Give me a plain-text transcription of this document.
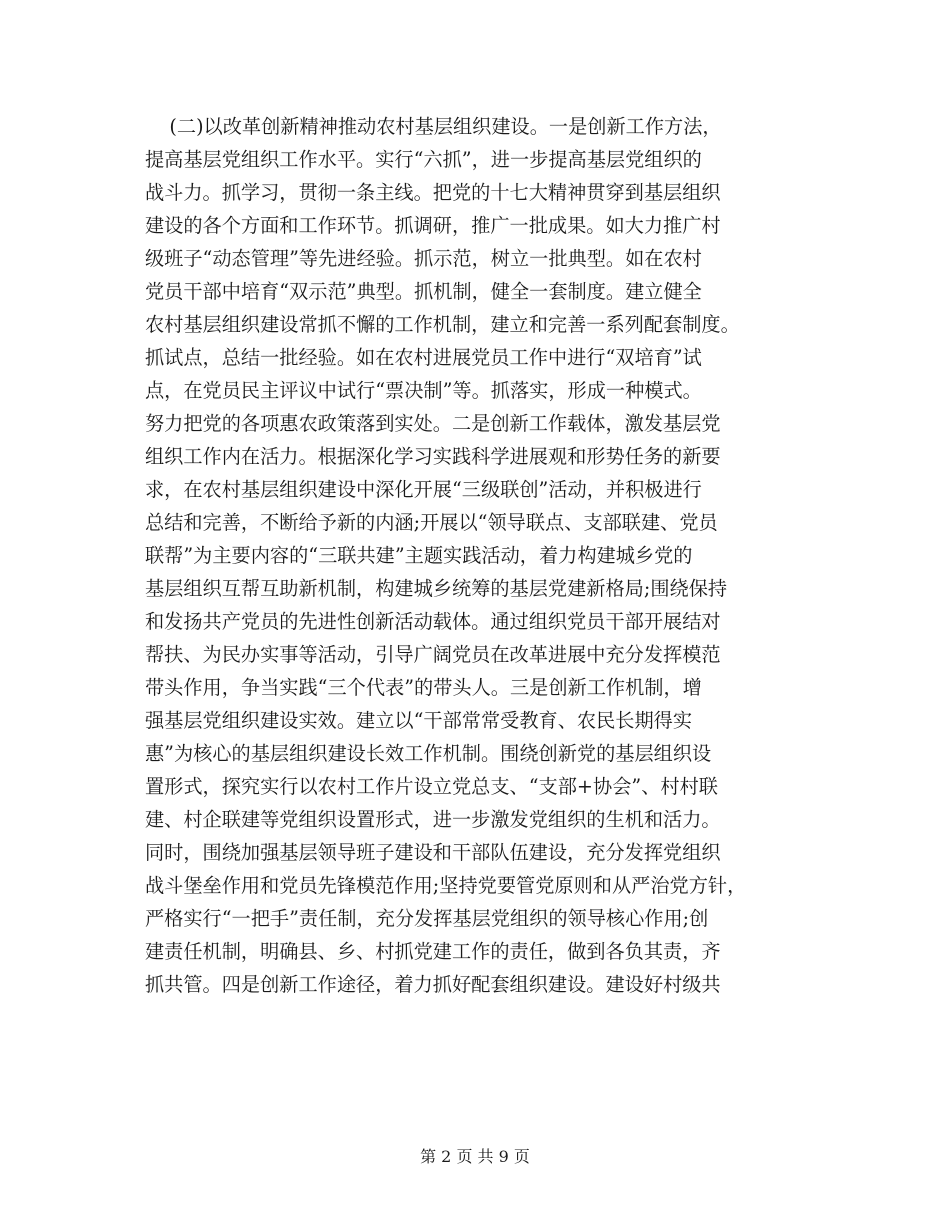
(二)以改革创新精神推动农村基层组织建设。一是创新工作方法，
提高基层党组织工作水平。实行“六抓”，进一步提高基层党组织的
战斗力。抓学习，贯彻一条主线。把党的十七大精神贯穿到基层组织
建设的各个方面和工作环节。抓调研，推广一批成果。如大力推广村
级班子“动态管理”等先进经验。抓示范，树立一批典型。如在农村
党员干部中培育“双示范”典型。抓机制，健全一套制度。建立健全
农村基层组织建设常抓不懈的工作机制，建立和完善一系列配套制度。
抓试点，总结一批经验。如在农村进展党员工作中进行“双培育”试
点，在党员民主评议中试行“票决制”等。抓落实，形成一种模式。
努力把党的各项惠农政策落到实处。二是创新工作载体，激发基层党
组织工作内在活力。根据深化学习实践科学进展观和形势任务的新要
求，在农村基层组织建设中深化开展“三级联创”活动，并积极进行
总结和完善，不断给予新的内涵;开展以“领导联点、支部联建、党员
联帮”为主要内容的“三联共建”主题实践活动，着力构建城乡党的
基层组织互帮互助新机制，构建城乡统筹的基层党建新格局;围绕保持
和发扬共产党员的先进性创新活动载体。通过组织党员干部开展结对
帮扶、为民办实事等活动，引导广阔党员在改革进展中充分发挥模范
带头作用，争当实践“三个代表”的带头人。三是创新工作机制，增
强基层党组织建设实效。建立以“干部常常受教育、农民长期得实
惠”为核心的基层组织建设长效工作机制。围绕创新党的基层组织设
置形式，探究实行以农村工作片设立党总支、“支部+协会”、村村联
建、村企联建等党组织设置形式，进一步激发党组织的生机和活力。
同时，围绕加强基层领导班子建设和干部队伍建设，充分发挥党组织
战斗堡垒作用和党员先锋模范作用;坚持党要管党原则和从严治党方针，
严格实行“一把手”责任制，充分发挥基层党组织的领导核心作用;创
建责任机制，明确县、乡、村抓党建工作的责任，做到各负其责，齐
抓共管。四是创新工作途径，着力抓好配套组织建设。建设好村级共
第 2 页 共 9 页
